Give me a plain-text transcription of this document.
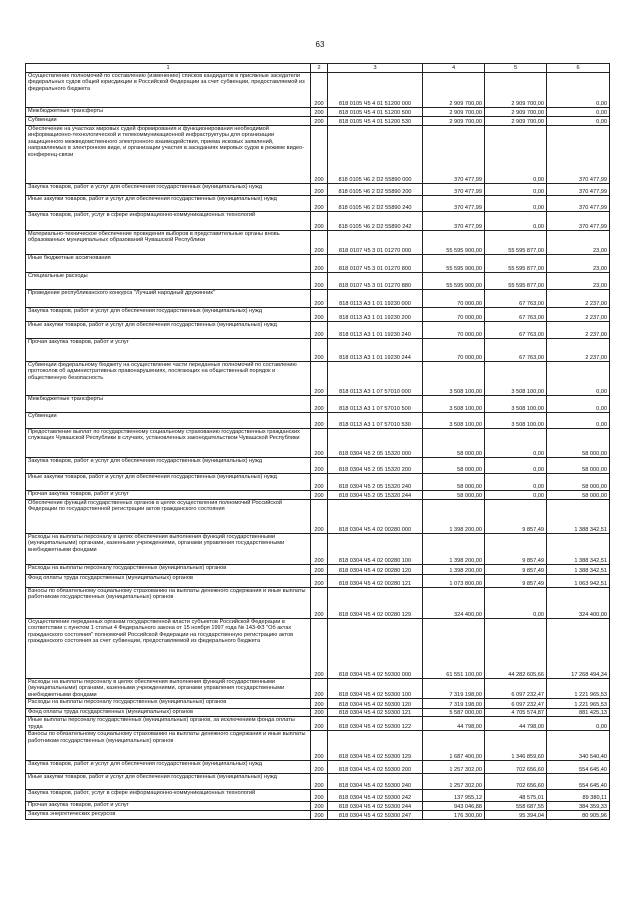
63
1	2	3	4	5	6
Осуществление полномочий по составлению (изменению) списков кандидатов в присяжные заседатели федеральных судов общей юрисдикции в Российской Федерации за счет субвенции, предоставляемой из федерального бюджета	200	818 0105 Ч5 4 01 51200 000	2 909 700,00	2 909 700,00	0,00
Межбюджетные трансферты	200	818 0105 Ч5 4 01 51200 500	2 909 700,00	2 909 700,00	0,00
Субвенции	200	818 0105 Ч5 4 01 51200 530	2 909 700,00	2 909 700,00	0,00
Обеспечение на участках мировых судей формирования и функционирования необходимой информационно-технологической и телекоммуникационной инфраструктуры для организации защищенного межведомственного электронного взаимодействия, приема исковых заявлений, направляемых в электронном виде, и организации участия в заседаниях мировых судов в режиме видео-конференц-связи	200	818 0105 Ч6 2 D2 55890 000	370 477,99	0,00	370 477,99
Закупка товаров, работ и услуг для обеспечения государственных (муниципальных) нужд	200	818 0105 Ч6 2 D2 55890 200	370 477,99	0,00	370 477,99
Иные закупки товаров, работ и услуг для обеспечения государственных (муниципальных) нужд	200	818 0105 Ч6 2 D2 55890 240	370 477,99	0,00	370 477,99
Закупка товаров, работ, услуг в сфере информационно-коммуникационных технологий	200	818 0105 Ч6 2 D2 55890 242	370 477,99	0,00	370 477,99
Материально-техническое обеспечение проведения выборов в представительные органы вновь образованных муниципальных образований Чувашской Республики	200	818 0107 Ч5 3 01 01270 000	55 595 900,00	55 595 877,00	23,00
Иные бюджетные ассигнования	200	818 0107 Ч5 3 01 01270 800	55 595 900,00	55 595 877,00	23,00
Специальные расходы	200	818 0107 Ч5 3 01 01270 880	55 595 900,00	55 595 877,00	23,00
Проведение республиканского конкурса "Лучший народный дружинник"	200	818 0113 А3 1 01 19230 000	70 000,00	67 763,00	2 237,00
Закупка товаров, работ и услуг для обеспечения государственных (муниципальных) нужд	200	818 0113 А3 1 01 19230 200	70 000,00	67 763,00	2 237,00
Иные закупки товаров, работ и услуг для обеспечения государственных (муниципальных) нужд	200	818 0113 А3 1 01 19230 240	70 000,00	67 763,00	2 237,00
Прочая закупка товаров, работ и услуг	200	818 0113 А3 1 01 19230 244	70 000,00	67 763,00	2 237,00
Субвенции федеральному бюджету на осуществление части переданных полномочий по составлению протоколов об административных правонарушениях, посягающих на общественный порядок и общественную безопасность	200	818 0113 А3 1 07 57010 000	3 508 100,00	3 508 100,00	0,00
Межбюджетные трансферты	200	818 0113 А3 1 07 57010 500	3 508 100,00	3 508 100,00	0,00
Субвенции	200	818 0113 А3 1 07 57010 530	3 508 100,00	3 508 100,00	0,00
Предоставление выплат по государственному социальному страхованию государственных гражданских служащих Чувашской Республики в случаях, установленных законодательством Чувашской Республики	200	818 0304 Ч5 2 05 15320 000	58 000,00	0,00	58 000,00
Закупка товаров, работ и услуг для обеспечения государственных (муниципальных) нужд	200	818 0304 Ч5 2 05 15320 200	58 000,00	0,00	58 000,00
Иные закупки товаров, работ и услуг для обеспечения государственных (муниципальных) нужд	200	818 0304 Ч5 2 05 15320 240	58 000,00	0,00	58 000,00
Прочая закупка товаров, работ и услуг	200	818 0304 Ч5 2 05 15320 244	58 000,00	0,00	58 000,00
Обеспечение функций государственных органов в целях осуществления полномочий Российской Федерации по государственной регистрации актов гражданского состояния	200	818 0304 Ч5 4 02 00280 000	1 398 200,00	9 857,49	1 388 342,51
Расходы на выплаты персоналу в целях обеспечения выполнения функций государственными (муниципальными) органами, казенными учреждениями, органами управления государственными внебюджетными фондами	200	818 0304 Ч5 4 02 00280 100	1 398 200,00	9 857,49	1 388 342,51
Расходы на выплаты персоналу государственных (муниципальных) органов	200	818 0304 Ч5 4 02 00280 120	1 398 200,00	9 857,49	1 388 342,51
Фонд оплаты труда государственных (муниципальных) органов	200	818 0304 Ч5 4 02 00280 121	1 073 800,00	9 857,49	1 063 942,51
Взносы по обязательному социальному страхованию на выплаты денежного содержания и иные выплаты работникам государственных (муниципальных) органов	200	818 0304 Ч5 4 02 00280 129	324 400,00	0,00	324 400,00
Осуществление переданных органам государственной власти субъектов Российской Федерации в соответствии с пунктом 1 статьи 4 Федерального закона от 15 ноября 1997 года № 143-ФЗ "Об актах гражданского состояния" полномочий Российской Федерации на государственную регистрацию актов гражданского состояния за счет субвенции, предоставляемой из федерального бюджета	200	818 0304 Ч5 4 02 59300 000	61 551 100,00	44 282 605,66	17 268 494,34
Расходы на выплаты персоналу в целях обеспечения выполнения функций государственными (муниципальными) органами, казенными учреждениями, органами управления государственными внебюджетными фондами	200	818 0304 Ч5 4 02 59300 100	7 319 198,00	6 097 232,47	1 221 965,53
Расходы на выплаты персоналу государственных (муниципальных) органов	200	818 0304 Ч5 4 02 59300 120	7 319 198,00	6 097 232,47	1 221 965,53
Фонд оплаты труда государственных (муниципальных) органов	200	818 0304 Ч5 4 02 59300 121	5 587 000,00	4 705 574,87	881 425,13
Иные выплаты персоналу государственных (муниципальных) органов, за исключением фонда оплаты труда	200	818 0304 Ч5 4 02 59300 122	44 798,00	44 798,00	0,00
Взносы по обязательному социальному страхованию на выплаты денежного содержания и иные выплаты работникам государственных (муниципальных) органов	200	818 0304 Ч5 4 02 59300 129	1 687 400,00	1 346 859,60	340 540,40
Закупка товаров, работ и услуг для обеспечения государственных (муниципальных) нужд	200	818 0304 Ч5 4 02 59300 200	1 257 302,00	702 656,60	554 645,40
Иные закупки товаров, работ и услуг для обеспечения государственных (муниципальных) нужд	200	818 0304 Ч5 4 02 59300 240	1 257 302,00	702 656,60	554 645,40
Закупка товаров, работ, услуг в сфере информационно-коммуникационных технологий	200	818 0304 Ч5 4 02 59300 242	137 955,12	48 575,01	89 380,11
Прочая закупка товаров, работ и услуг	200	818 0304 Ч5 4 02 59300 244	943 046,88	558 687,55	384 359,33
Закупка энергетических ресурсов	200	818 0304 Ч5 4 02 59300 247	176 300,00	95 394,04	80 905,96
